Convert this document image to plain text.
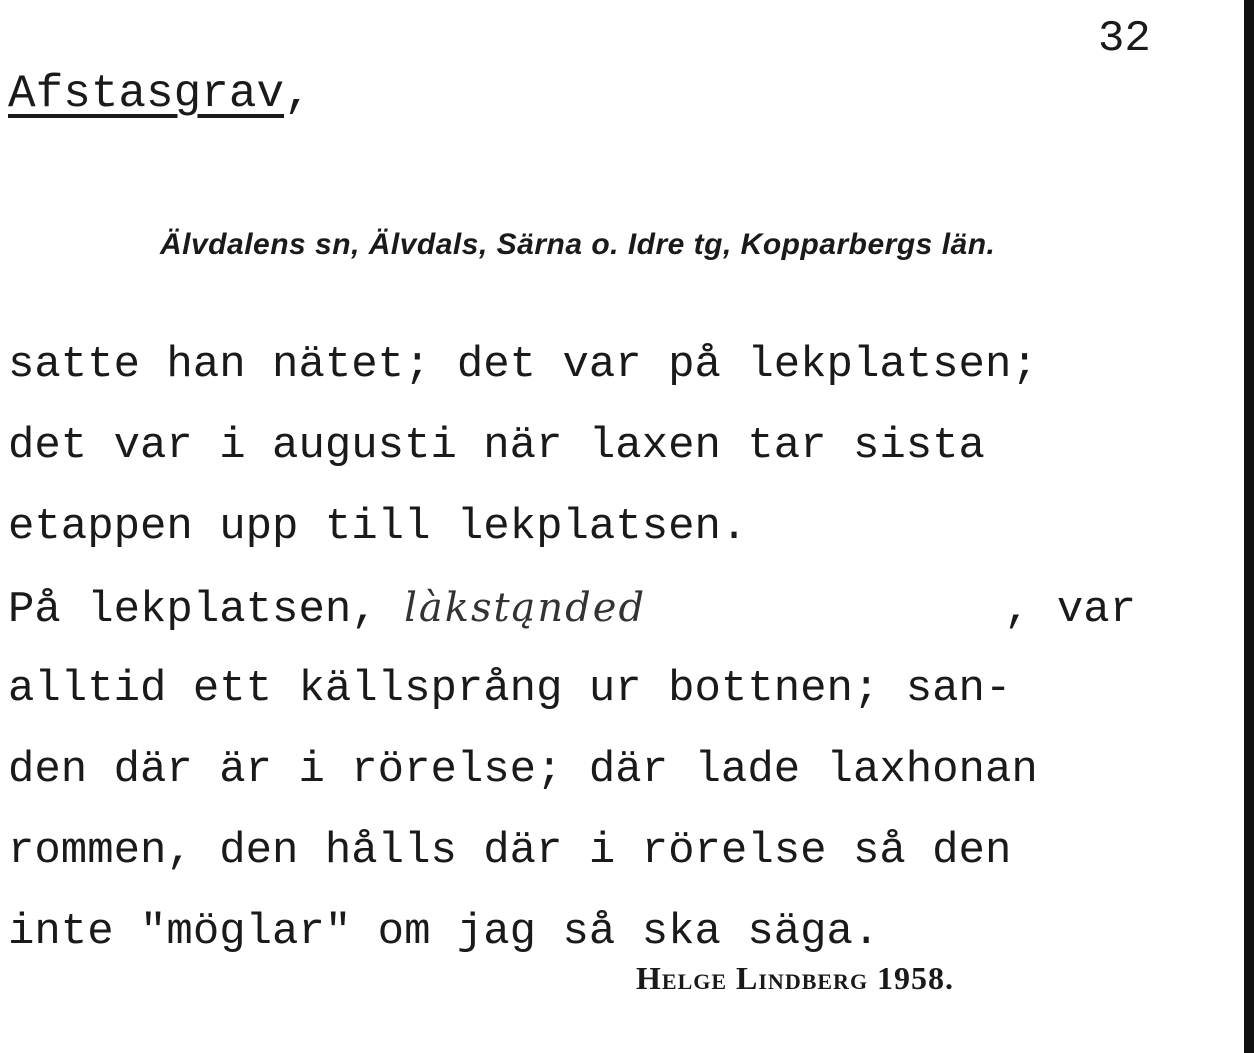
32
Afstasgrav,
Älvdalens sn, Älvdals, Särna o. Idre tg, Kopparbergs län.
satte han nätet; det var på lekplatsen;
det var i augusti när laxen tar sista
etappen upp till lekplatsen.
På lekplatsen, làkstąnded	, var
alltid ett källsprång ur bottnen; san-
den där är i rörelse; där lade laxhonan
rommen, den hålls där i rörelse så den
inte "möglar" om jag så ska säga.
Helge Lindberg 1958.
